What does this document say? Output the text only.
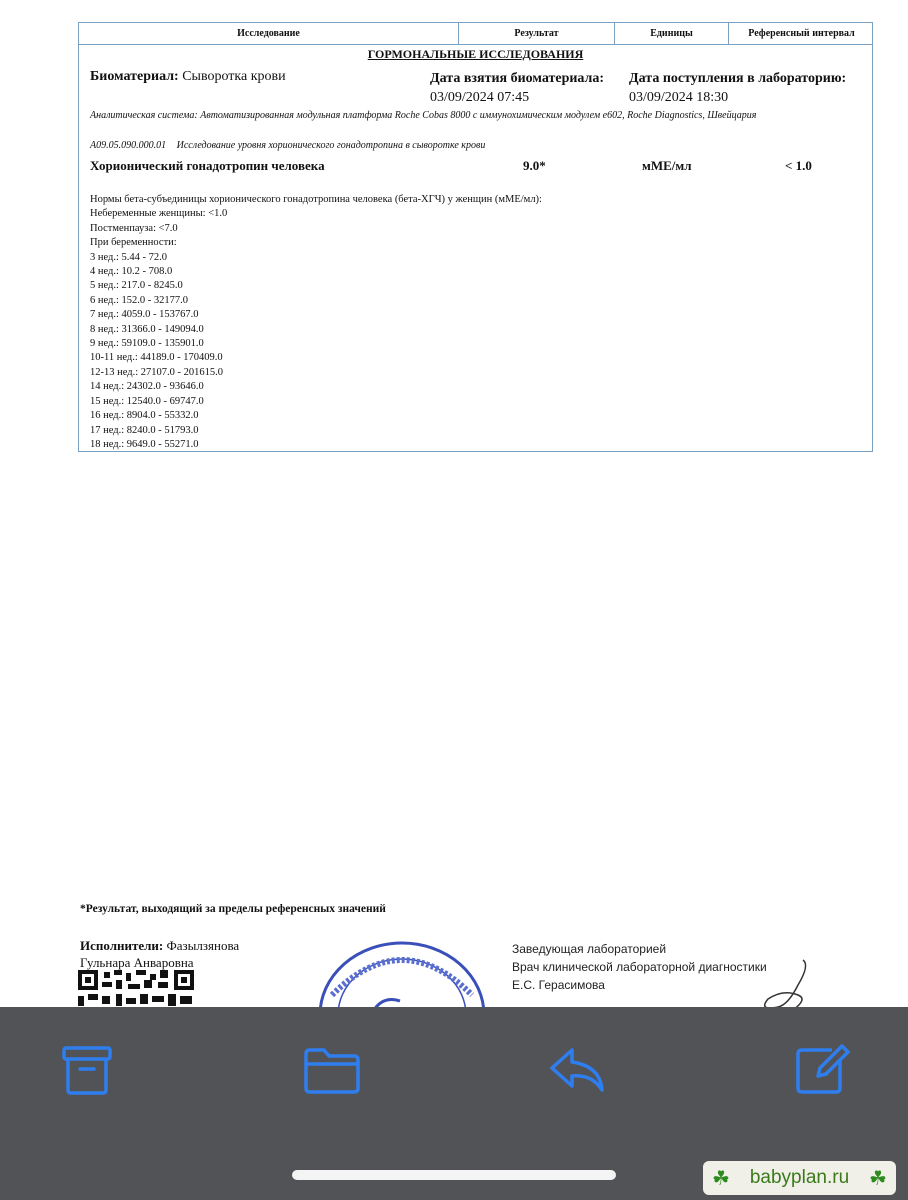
Исследование	Результат	Единицы	Референсный интервал
ГОРМОНАЛЬНЫЕ ИССЛЕДОВАНИЯ
Биоматериал: Сыворотка крови	Дата взятия биоматериала:
03/09/2024 07:45
Дата поступления в лабораторию:
03/09/2024 18:30
Аналитическая система: Автоматизированная модульная платформа Roche Cobas 8000 с иммунохимическим модулем e602, Roche Diagnostics, Швейцария
A09.05.090.000.01 Исследование уровня хорионического гонадотропина в сыворотке крови
Хорионический гонадотропин человека	9.0*	мМЕ/мл	< 1.0
Нормы бета-субъединицы хорионического гонадотропина человека (бета-ХГЧ) у женщин (мМЕ/мл):
Небеременные женщины: <1.0
Постменпауза: <7.0
При беременности:
3 нед.: 5.44 - 72.0
4 нед.: 10.2 - 708.0
5 нед.: 217.0 - 8245.0
6 нед.: 152.0 - 32177.0
7 нед.: 4059.0 - 153767.0
8 нед.: 31366.0 - 149094.0
9 нед.: 59109.0 - 135901.0
10-11 нед.: 44189.0 - 170409.0
12-13 нед.: 27107.0 - 201615.0
14 нед.: 24302.0 - 93646.0
15 нед.: 12540.0 - 69747.0
16 нед.: 8904.0 - 55332.0
17 нед.: 8240.0 - 51793.0
18 нед.: 9649.0 - 55271.0
*Результат, выходящий за пределы референсных значений
Исполнители: Фазылзянова Гульнара Анваровна
Заведующая лабораторией
Врач клинической лабораторной диагностики
Е.С. Герасимова
☘ babyplan.ru ☘
